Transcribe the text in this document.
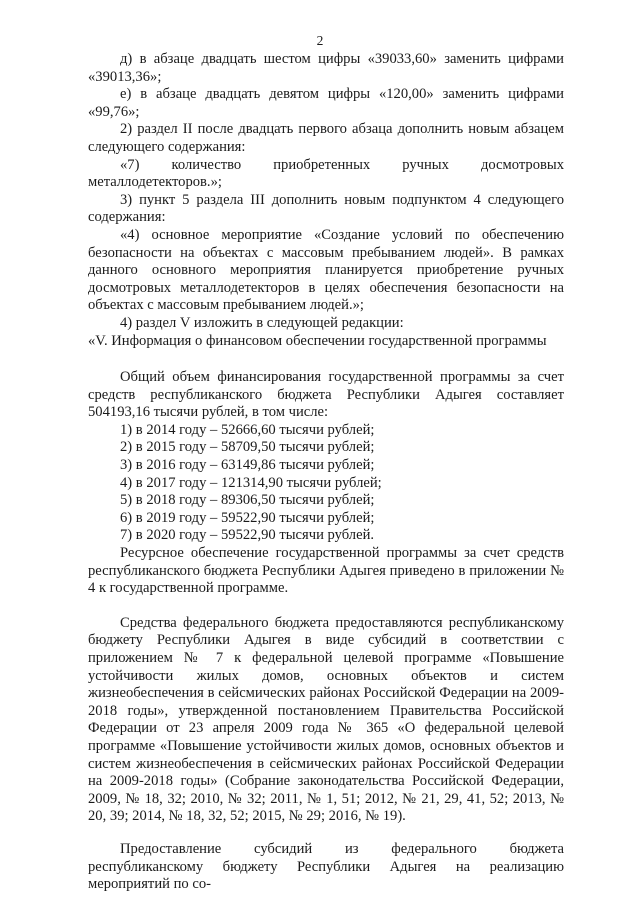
2

д) в абзаце двадцать шестом цифры «39033,60» заменить цифрами «39013,36»;

е) в абзаце двадцать девятом цифры «120,00» заменить цифрами «99,76»;

2) раздел II после двадцать первого абзаца дополнить новым абзацем следующего содержания:

«7) количество приобретенных ручных досмотровых металлодетекторов.»;

3) пункт 5 раздела III дополнить новым подпунктом 4 следующего содержания:

«4) основное мероприятие «Создание условий по обеспечению безопасности на объектах с массовым пребыванием людей». В рамках данного основного мероприятия планируется приобретение ручных досмотровых металлодетекторов в целях обеспечения безопасности на объектах с массовым пребыванием людей.»;

4) раздел V изложить в следующей редакции:

«V. Информация о финансовом обеспечении государственной программы

Общий объем финансирования государственной программы за счет средств республиканского бюджета Республики Адыгея составляет 504193,16 тысячи рублей, в том числе:

1) в 2014 году – 52666,60 тысячи рублей;

2) в 2015 году – 58709,50 тысячи рублей;

3) в 2016 году – 63149,86 тысячи рублей;

4) в 2017 году – 121314,90 тысячи рублей;

5) в 2018 году – 89306,50 тысячи рублей;

6) в 2019 году – 59522,90 тысячи рублей;

7) в 2020 году – 59522,90 тысячи рублей.

Ресурсное обеспечение государственной программы за счет средств республиканского бюджета Республики Адыгея приведено в приложении № 4 к государственной программе.

Средства федерального бюджета предоставляются республиканскому бюджету Республики Адыгея в виде субсидий в соответствии с приложением № 7 к федеральной целевой программе «Повышение устойчивости жилых домов, основных объектов и систем жизнеобеспечения в сейсмических районах Российской Федерации на 2009-2018 годы», утвержденной постановлением Правительства Российской Федерации от 23 апреля 2009 года № 365 «О федеральной целевой программе «Повышение устойчивости жилых домов, основных объектов и систем жизнеобеспечения в сейсмических районах Российской Федерации на 2009-2018 годы» (Собрание законодательства Российской Федерации, 2009, № 18, 32; 2010, № 32; 2011, № 1, 51; 2012, № 21, 29, 41, 52; 2013, № 20, 39; 2014, № 18, 32, 52; 2015, № 29; 2016, № 19).

Предоставление субсидий из федерального бюджета республиканскому бюджету Республики Адыгея на реализацию мероприятий по со-
